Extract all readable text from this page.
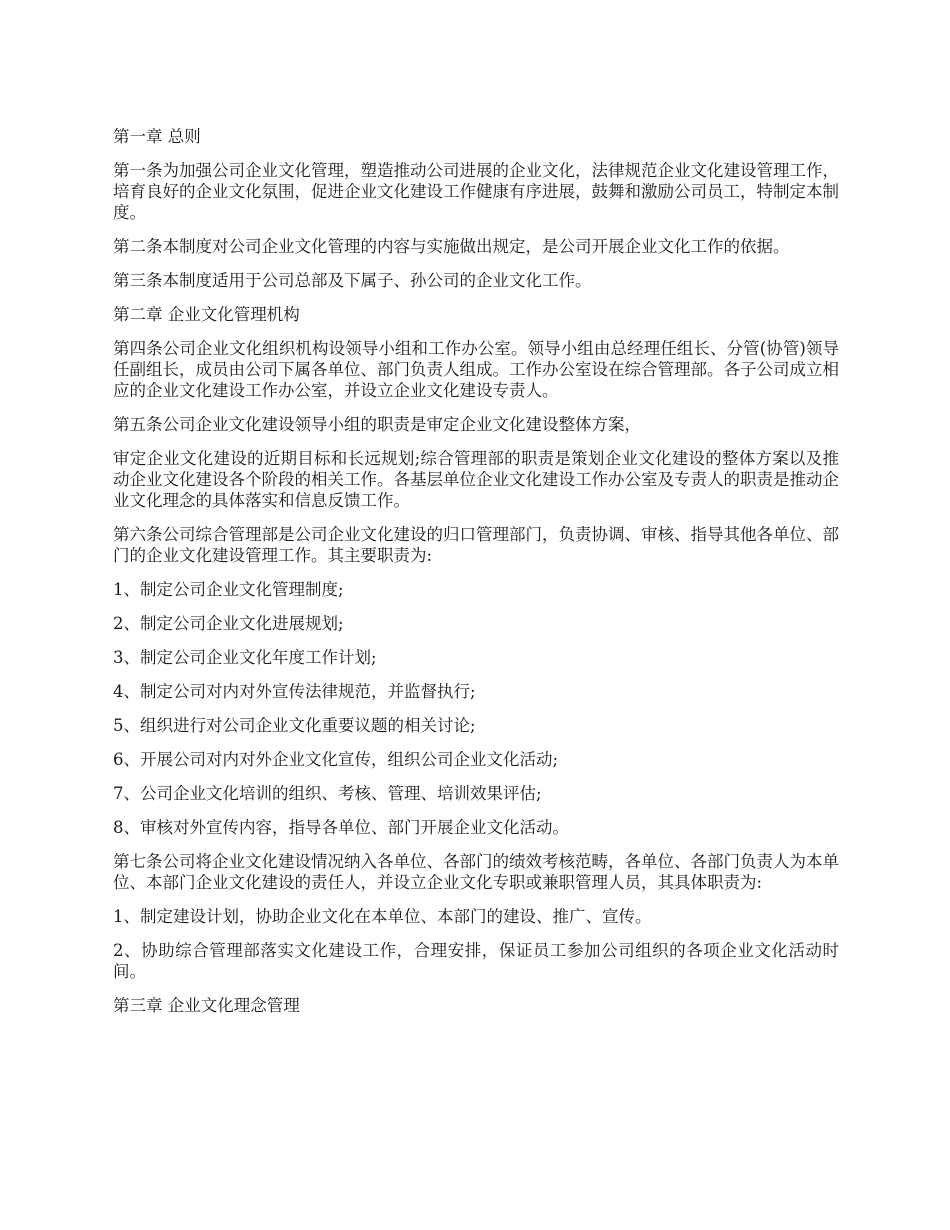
第一章 总则

第一条为加强公司企业文化管理，塑造推动公司进展的企业文化，法律规范企业文化建设管理工作，培育良好的企业文化氛围，促进企业文化建设工作健康有序进展，鼓舞和激励公司员工，特制定本制度。

第二条本制度对公司企业文化管理的内容与实施做出规定，是公司开展企业文化工作的依据。

第三条本制度适用于公司总部及下属子、孙公司的企业文化工作。

第二章 企业文化管理机构

第四条公司企业文化组织机构设领导小组和工作办公室。领导小组由总经理任组长、分管(协管)领导任副组长，成员由公司下属各单位、部门负责人组成。工作办公室设在综合管理部。各子公司成立相应的企业文化建设工作办公室，并设立企业文化建设专责人。

第五条公司企业文化建设领导小组的职责是审定企业文化建设整体方案，

审定企业文化建设的近期目标和长远规划;综合管理部的职责是策划企业文化建设的整体方案以及推动企业文化建设各个阶段的相关工作。各基层单位企业文化建设工作办公室及专责人的职责是推动企业文化理念的具体落实和信息反馈工作。

第六条公司综合管理部是公司企业文化建设的归口管理部门，负责协调、审核、指导其他各单位、部门的企业文化建设管理工作。其主要职责为:

1、制定公司企业文化管理制度;

2、制定公司企业文化进展规划;

3、制定公司企业文化年度工作计划;

4、制定公司对内对外宣传法律规范，并监督执行;

5、组织进行对公司企业文化重要议题的相关讨论;

6、开展公司对内对外企业文化宣传，组织公司企业文化活动;

7、公司企业文化培训的组织、考核、管理、培训效果评估;

8、审核对外宣传内容，指导各单位、部门开展企业文化活动。

第七条公司将企业文化建设情况纳入各单位、各部门的绩效考核范畴，各单位、各部门负责人为本单位、本部门企业文化建设的责任人，并设立企业文化专职或兼职管理人员，其具体职责为:

1、制定建设计划，协助企业文化在本单位、本部门的建设、推广、宣传。

2、协助综合管理部落实文化建设工作，合理安排，保证员工参加公司组织的各项企业文化活动时间。

第三章 企业文化理念管理
